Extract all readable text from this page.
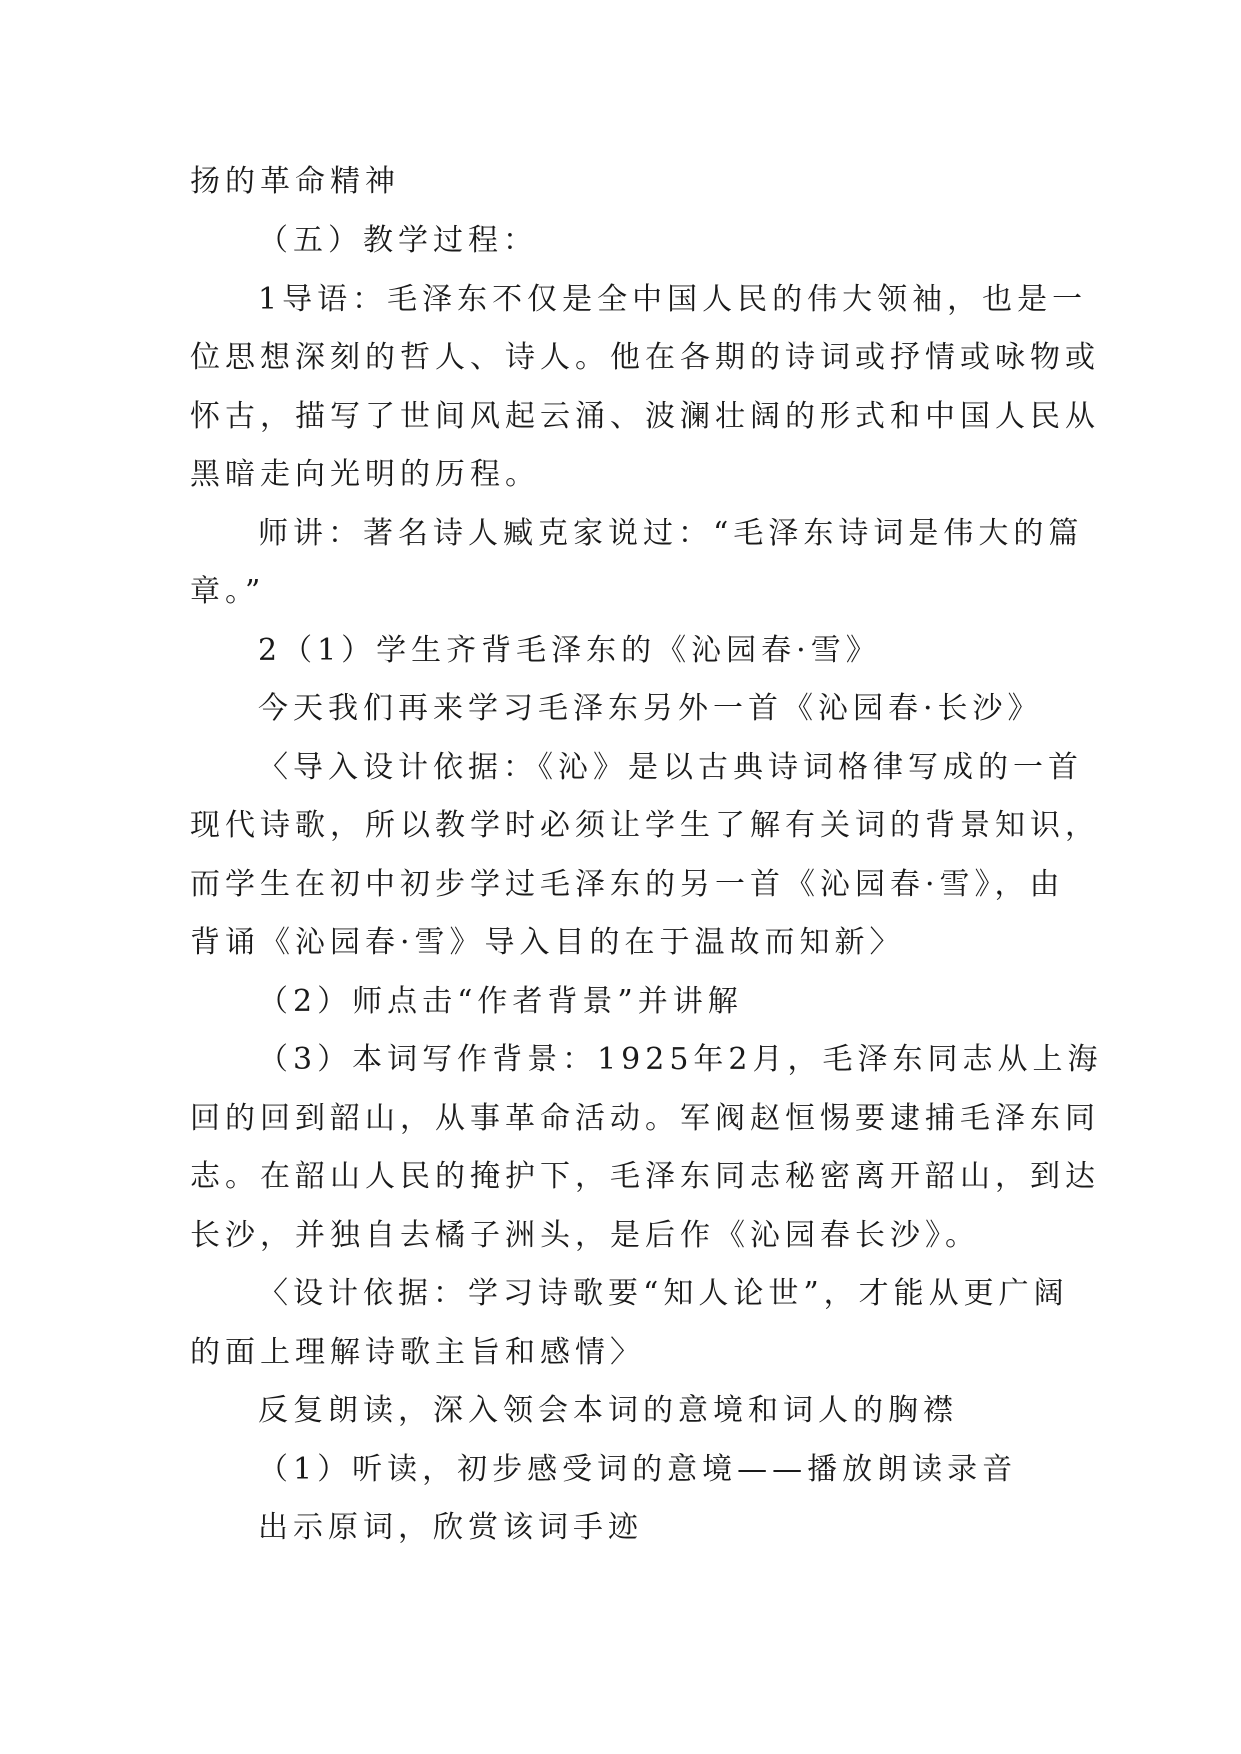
扬的革命精神
（五）教学过程：
1导语：毛泽东不仅是全中国人民的伟大领袖，也是一
位思想深刻的哲人、诗人。他在各期的诗词或抒情或咏物或
怀古，描写了世间风起云涌、波澜壮阔的形式和中国人民从
黑暗走向光明的历程。
师讲：著名诗人臧克家说过：“毛泽东诗词是伟大的篇
章。”
2（1）学生齐背毛泽东的《沁园春·雪》
今天我们再来学习毛泽东另外一首《沁园春·长沙》
〈导入设计依据：《沁》是以古典诗词格律写成的一首
现代诗歌，所以教学时必须让学生了解有关词的背景知识，
而学生在初中初步学过毛泽东的另一首《沁园春·雪》，由
背诵《沁园春·雪》导入目的在于温故而知新〉
（2）师点击“作者背景”并讲解
（3）本词写作背景：1925年2月，毛泽东同志从上海
回的回到韶山，从事革命活动。军阀赵恒惕要逮捕毛泽东同
志。在韶山人民的掩护下，毛泽东同志秘密离开韶山，到达
长沙，并独自去橘子洲头，是后作《沁园春长沙》。
〈设计依据：学习诗歌要“知人论世”，才能从更广阔
的面上理解诗歌主旨和感情〉
反复朗读，深入领会本词的意境和词人的胸襟
（1）听读，初步感受词的意境——播放朗读录音
出示原词，欣赏该词手迹
